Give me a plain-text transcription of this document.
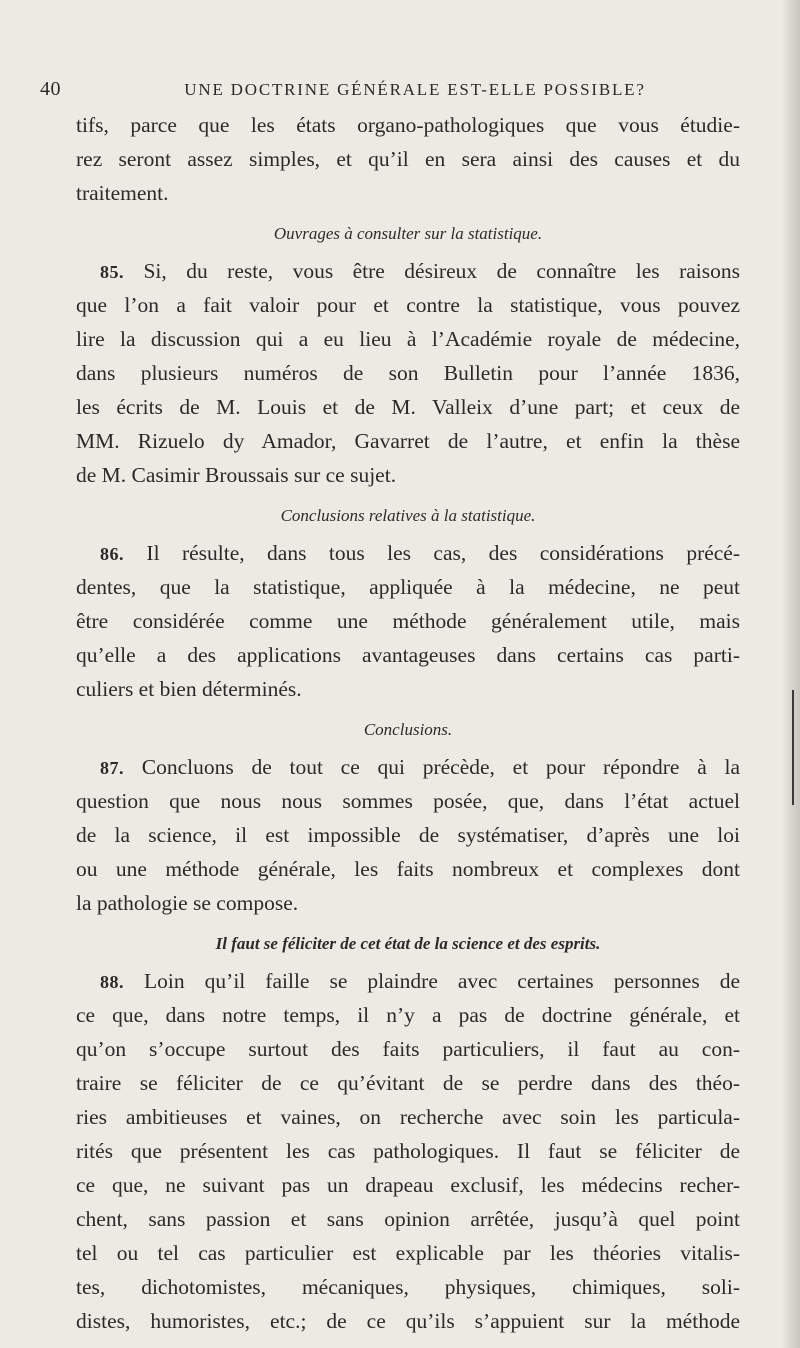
40	UNE DOCTRINE GÉNÉRALE EST-ELLE POSSIBLE?
tifs, parce que les états organo-pathologiques que vous étudie-
rez seront assez simples, et qu’il en sera ainsi des causes et du
traitement.
Ouvrages à consulter sur la statistique.
85. Si, du reste, vous être désireux de connaître les raisons
que l’on a fait valoir pour et contre la statistique, vous pouvez
lire la discussion qui a eu lieu à l’Académie royale de médecine,
dans plusieurs numéros de son Bulletin pour l’année 1836,
les écrits de M. Louis et de M. Valleix d’une part; et ceux de
MM. Rizuelo dy Amador, Gavarret de l’autre, et enfin la thèse
de M. Casimir Broussais sur ce sujet.
Conclusions relatives à la statistique.
86. Il résulte, dans tous les cas, des considérations précé-
dentes, que la statistique, appliquée à la médecine, ne peut
être considérée comme une méthode généralement utile, mais
qu’elle a des applications avantageuses dans certains cas parti-
culiers et bien déterminés.
Conclusions.
87. Concluons de tout ce qui précède, et pour répondre à la
question que nous nous sommes posée, que, dans l’état actuel
de la science, il est impossible de systématiser, d’après une loi
ou une méthode générale, les faits nombreux et complexes dont
la pathologie se compose.
Il faut se féliciter de cet état de la science et des esprits.
88. Loin qu’il faille se plaindre avec certaines personnes de
ce que, dans notre temps, il n’y a pas de doctrine générale, et
qu’on s’occupe surtout des faits particuliers, il faut au con-
traire se féliciter de ce qu’évitant de se perdre dans des théo-
ries ambitieuses et vaines, on recherche avec soin les particula-
rités que présentent les cas pathologiques. Il faut se féliciter de
ce que, ne suivant pas un drapeau exclusif, les médecins recher-
chent, sans passion et sans opinion arrêtée, jusqu’à quel point
tel ou tel cas particulier est explicable par les théories vitalis-
tes, dichotomistes, mécaniques, physiques, chimiques, soli-
distes, humoristes, etc.; de ce qu’ils s’appuient sur la méthode
